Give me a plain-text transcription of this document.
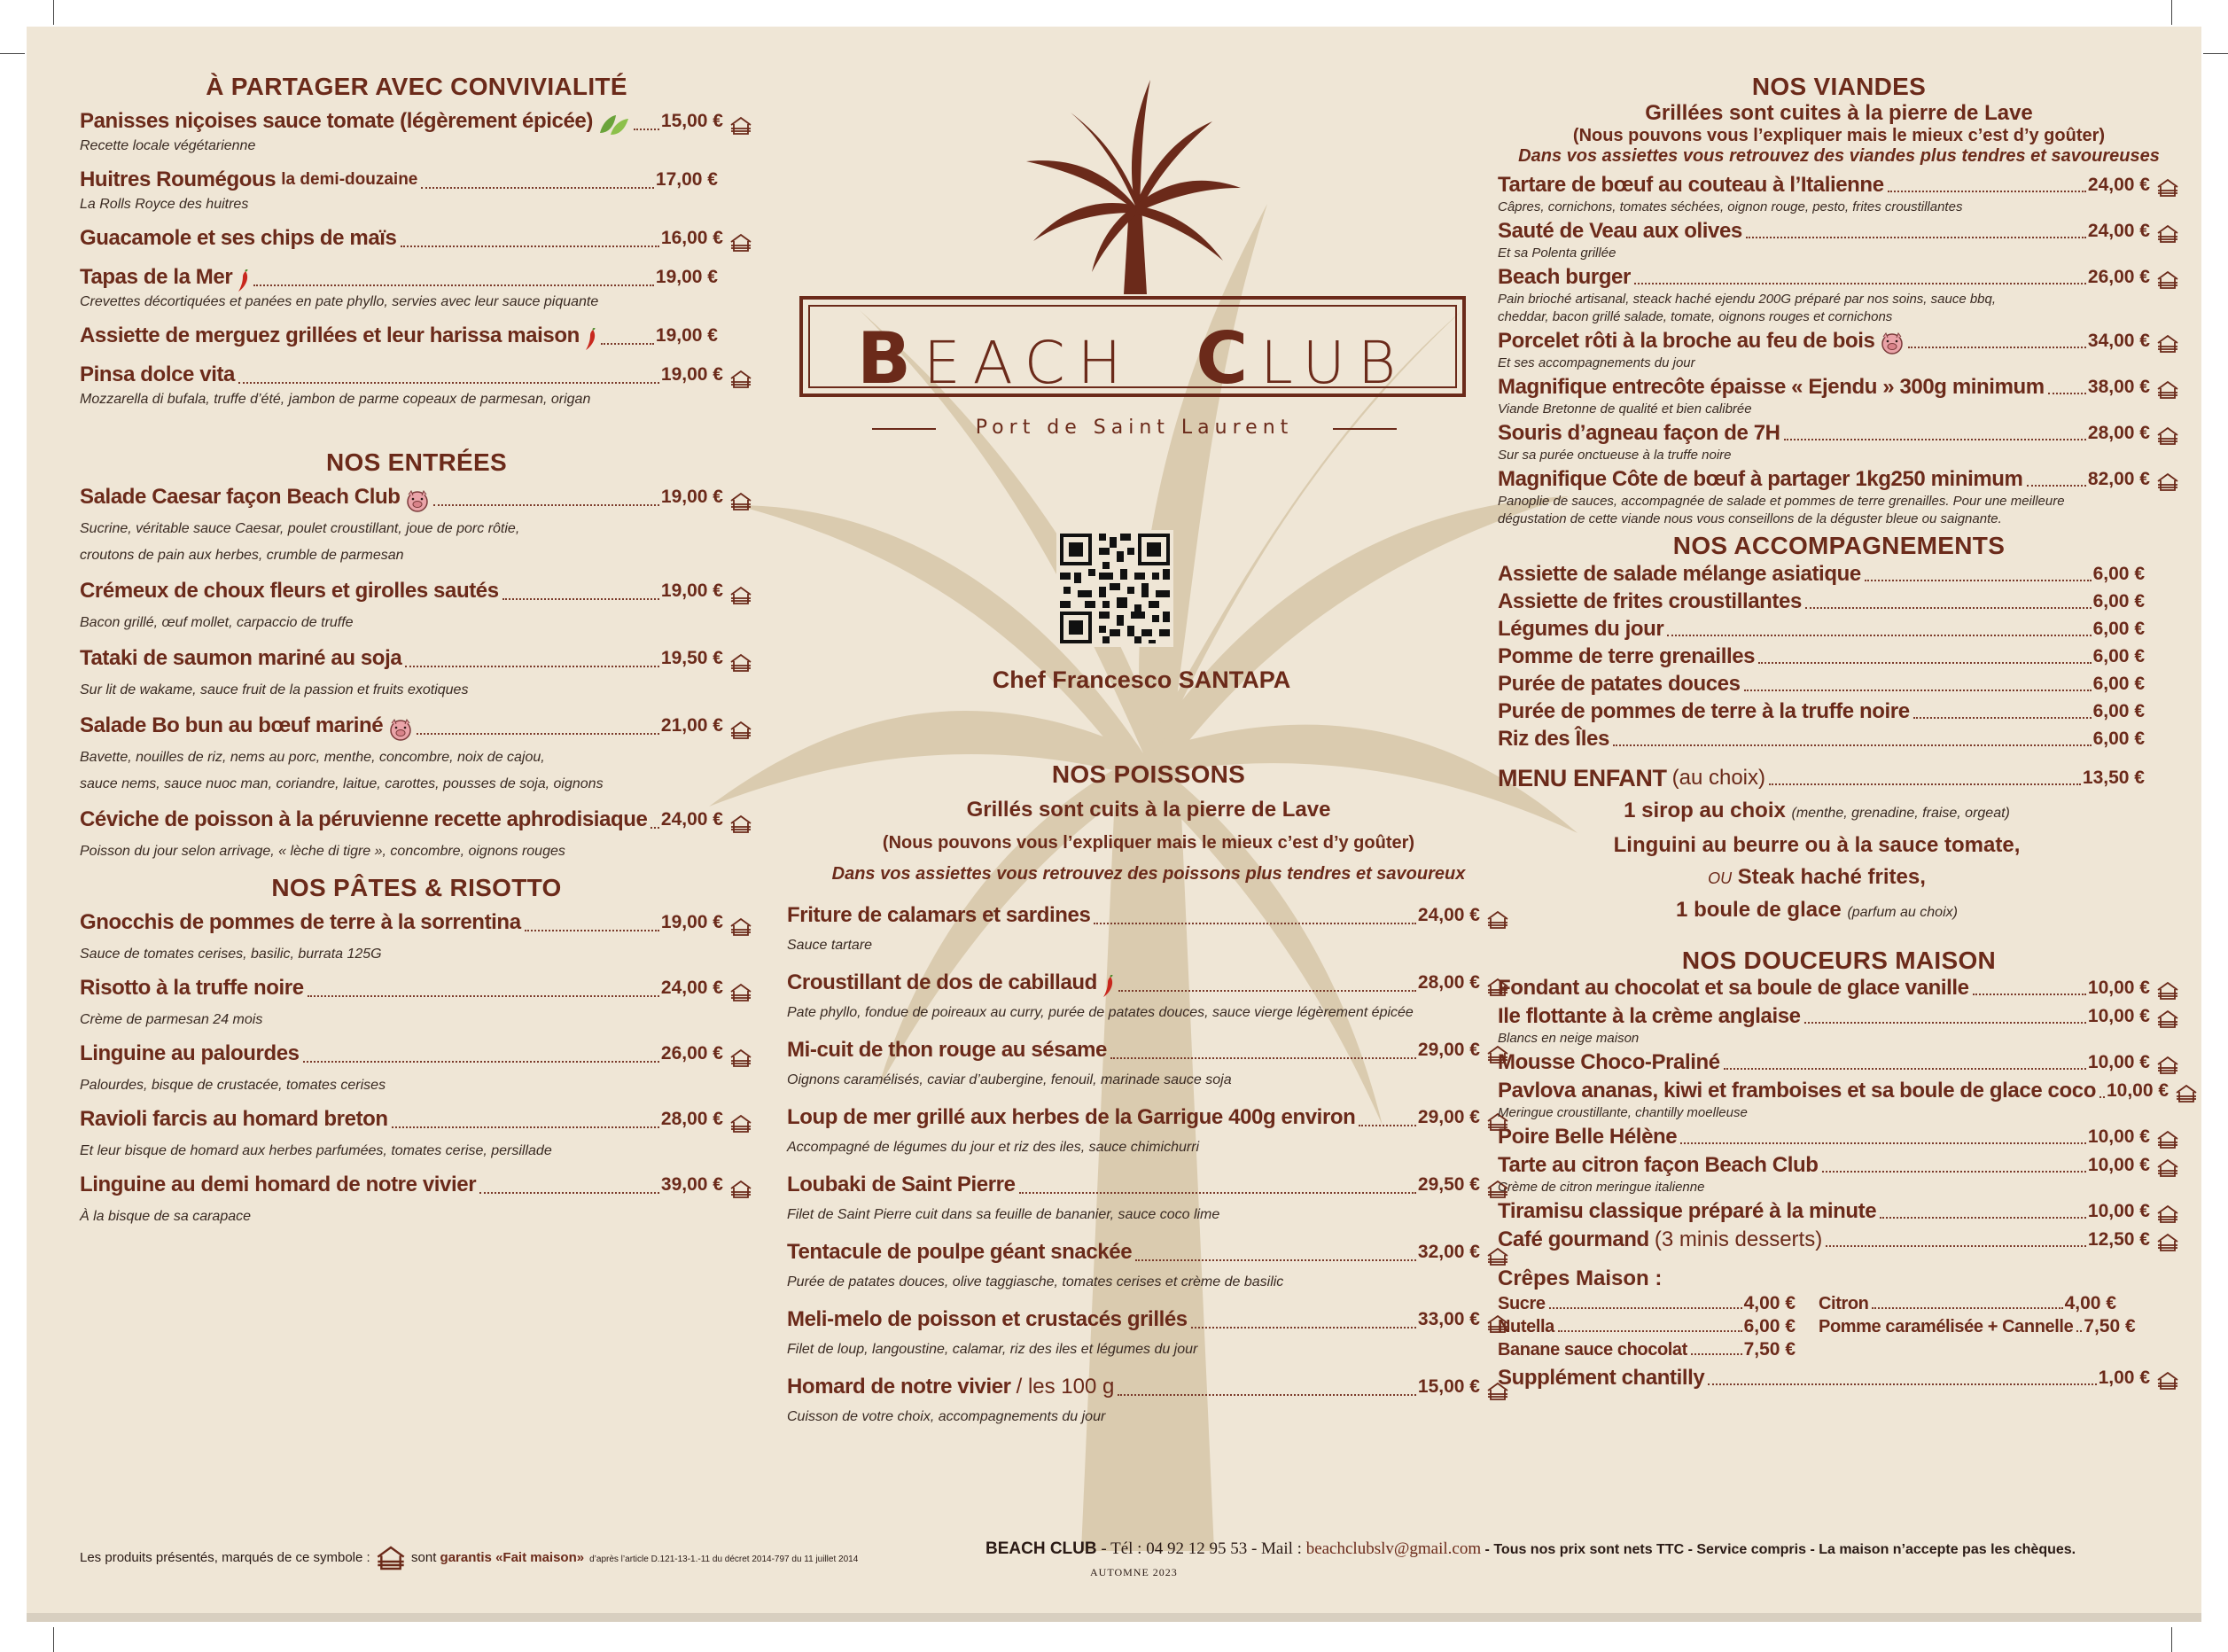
BEACH CLUB
Port de Saint Laurent
Chef Francesco SANTAPA
À PARTAGER AVEC CONVIVIALITÉ
Panisses niçoises sauce tomate (légèrement épicée)	15,00 €
Recette locale végétarienne
Huitres Roumégous la demi-douzaine	17,00 €
La Rolls Royce des huitres
Guacamole et ses chips de maïs	16,00 €
Tapas de la Mer	19,00 €
Crevettes décortiquées et panées en pate phyllo, servies avec leur sauce piquante
Assiette de merguez grillées et leur harissa maison	19,00 €
Pinsa dolce vita	19,00 €
Mozzarella di bufala, truffe d’été, jambon de parme copeaux de parmesan, origan
NOS ENTRÉES
Salade Caesar façon Beach Club	19,00 €
Sucrine, véritable sauce Caesar, poulet croustillant, joue de porc rôtie,
croutons de pain aux herbes, crumble de parmesan
Crémeux de choux fleurs et girolles sautés	19,00 €
Bacon grillé, œuf mollet, carpaccio de truffe
Tataki de saumon mariné au soja	19,50 €
Sur lit de wakame, sauce fruit de la passion et fruits exotiques
Salade Bo bun au bœuf mariné	21,00 €
Bavette, nouilles de riz, nems au porc, menthe, concombre, noix de cajou,
sauce nems, sauce nuoc man, coriandre, laitue, carottes, pousses de soja, oignons
Céviche de poisson à la péruvienne recette aphrodisiaque 24,00 €
Poisson du jour selon arrivage, « lèche di tigre », concombre, oignons rouges
NOS PÂTES & RISOTTO
Gnocchis de pommes de terre à la sorrentina	19,00 €
Sauce de tomates cerises, basilic, burrata 125G
Risotto à la truffe noire	24,00 €
Crème de parmesan 24 mois
Linguine au palourdes	26,00 €
Palourdes, bisque de crustacée, tomates cerises
Ravioli farcis au homard breton	28,00 €
Et leur bisque de homard aux herbes parfumées, tomates cerise, persillade
Linguine au demi homard de notre vivier	39,00 €
À la bisque de sa carapace
NOS POISSONS
Grillés sont cuits à la pierre de Lave
(Nous pouvons vous l’expliquer mais le mieux c’est d’y goûter)
Dans vos assiettes vous retrouvez des poissons plus tendres et savoureux
Friture de calamars et sardines	24,00 €
Sauce tartare
Croustillant de dos de cabillaud	28,00 €
Pate phyllo, fondue de poireaux au curry, purée de patates douces, sauce vierge légèrement épicée
Mi-cuit de thon rouge au sésame	29,00 €
Oignons caramélisés, caviar d’aubergine, fenouil, marinade sauce soja
Loup de mer grillé aux herbes de la Garrigue 400g environ	29,00 €
Accompagné de légumes du jour et riz des iles, sauce chimichurri
Loubaki de Saint Pierre	29,50 €
Filet de Saint Pierre cuit dans sa feuille de bananier, sauce coco lime
Tentacule de poulpe géant snackée	32,00 €
Purée de patates douces, olive taggiasche, tomates cerises et crème de basilic
Meli-melo de poisson et crustacés grillés	33,00 €
Filet de loup, langoustine, calamar, riz des iles et légumes du jour
Homard de notre vivier / les 100 g	15,00 €
Cuisson de votre choix, accompagnements du jour
NOS VIANDES
Grillées sont cuites à la pierre de Lave
(Nous pouvons vous l’expliquer mais le mieux c’est d’y goûter)
Dans vos assiettes vous retrouvez des viandes plus tendres et savoureuses
Tartare de bœuf au couteau à l’Italienne	24,00 €
Câpres, cornichons, tomates séchées, oignon rouge, pesto, frites croustillantes
Sauté de Veau aux olives	24,00 €
Et sa Polenta grillée
Beach burger	26,00 €
Pain brioché artisanal, steack haché ejendu 200G préparé par nos soins, sauce bbq,
cheddar, bacon grillé salade, tomate, oignons rouges et cornichons
Porcelet rôti à la broche au feu de bois	34,00 €
Et ses accompagnements du jour
Magnifique entrecôte épaisse « Ejendu » 300g minimum 38,00 €
Viande Bretonne de qualité et bien calibrée
Souris d’agneau façon de 7H	28,00 €
Sur sa purée onctueuse à la truffe noire
Magnifique Côte de bœuf à partager 1kg250 minimum	82,00 €
Panoplie de sauces, accompagnée de salade et pommes de terre grenailles. Pour une meilleure
dégustation de cette viande nous vous conseillons de la déguster bleue ou saignante.
NOS ACCOMPAGNEMENTS
Assiette de salade mélange asiatique	6,00 €
Assiette de frites croustillantes	6,00 €
Légumes du jour	6,00 €
Pomme de terre grenailles	6,00 €
Purée de patates douces	6,00 €
Purée de pommes de terre à la truffe noire	6,00 €
Riz des Îles	6,00 €
MENU ENFANT (au choix)	13,50 €
1 sirop au choix (menthe, grenadine, fraise, orgeat)
Linguini au beurre ou à la sauce tomate,
OU Steak haché frites,
1 boule de glace (parfum au choix)
NOS DOUCEURS MAISON
Fondant au chocolat et sa boule de glace vanille	10,00 €
Ile flottante à la crème anglaise	10,00 €
Blancs en neige maison
Mousse Choco-Praliné	10,00 €
Pavlova ananas, kiwi et framboises et sa boule de glace coco 10,00 €
Meringue croustillante, chantilly moelleuse
Poire Belle Hélène	10,00 €
Tarte au citron façon Beach Club	10,00 €
Crème de citron meringue italienne
Tiramisu classique préparé à la minute	10,00 €
Café gourmand (3 minis desserts)	12,50 €
Crêpes Maison :
Sucre	4,00 €
Nutella	6,00 €
Banane sauce chocolat	7,50 €
Citron	4,00 €
Pomme caramélisée + Cannelle 7,50 €
Supplément chantilly	1,00 €
Les produits présentés, marqués de ce symbole :	sont garantis «Fait maison» d’après l’article D.121-13-1.-11 du décret 2014-797 du 11 juillet 2014
BEACH CLUB - Tél : 04 92 12 95 53 - Mail : beachclubslv@gmail.com - Tous nos prix sont nets TTC - Service compris - La maison n’accepte pas les chèques.
AUTOMNE 2023
